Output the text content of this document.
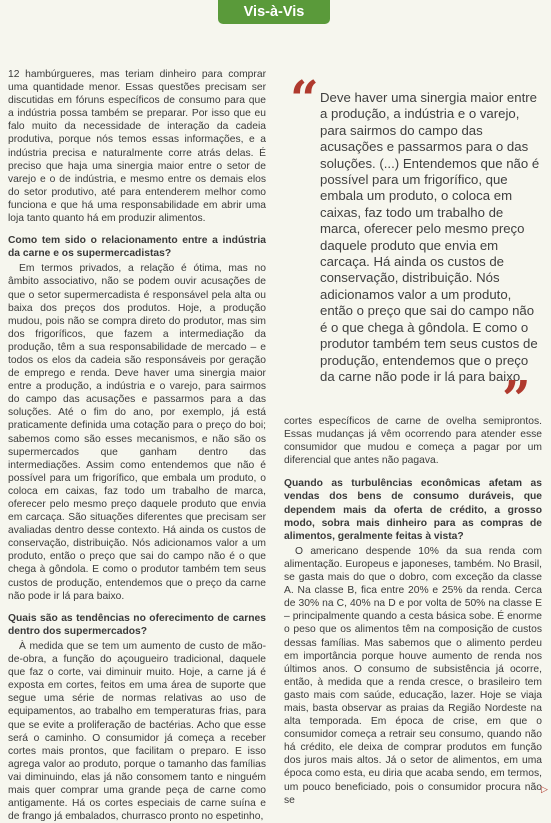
Vis-à-Vis

12 hambúrgueres, mas teriam dinheiro para comprar uma quantidade menor. Essas questões precisam ser discutidas em fóruns específicos de consumo para que a indústria possa também se preparar. Por isso que eu falo muito da necessidade de interação da cadeia produtiva, porque nós temos essas informações, e a indústria precisa e naturalmente corre atrás delas. É preciso que haja uma sinergia maior entre o setor de varejo e o de indústria, e mesmo entre os demais elos do setor produtivo, até para entenderem melhor como funciona e que há uma responsabilidade em abrir uma loja tanto quanto há em produzir alimentos.

Como tem sido o relacionamento entre a indústria da carne e os supermercadistas?

Em termos privados, a relação é ótima, mas no âmbito associativo, não se podem ouvir acusações de que o setor supermercadista é responsável pela alta ou baixa dos preços dos produtos. Hoje, a produção mudou, pois não se compra direto do produtor, mas sim dos frigoríficos, que fazem a intermediação da produção, têm a sua responsabilidade de mercado – e todos os elos da cadeia são responsáveis por geração de emprego e renda. Deve haver uma sinergia maior entre a produção, a indústria e o varejo, para sairmos do campo das acusações e passarmos para a das soluções. Até o fim do ano, por exemplo, já está praticamente definida uma cotação para o preço do boi; sabemos como são esses mecanismos, e não são os supermercados que ganham dentro das intermediações. Assim como entendemos que não é possível para um frigorífico, que embala um produto, o coloca em caixas, faz todo um trabalho de marca, oferecer pelo mesmo preço daquele produto que envia em carcaça. São situações diferentes que precisam ser avaliadas dentro desse contexto. Há ainda os custos de conservação, distribuição. Nós adicionamos valor a um produto, então o preço que sai do campo não é o que chega à gôndola. E como o produtor também tem seus custos de produção, entendemos que o preço da carne não pode ir lá para baixo.

Quais são as tendências no oferecimento de carnes dentro dos supermercados?

À medida que se tem um aumento de custo de mão-de-obra, a função do açougueiro tradicional, daquele que faz o corte, vai diminuir muito. Hoje, a carne já é exposta em cortes, feitos em uma área de suporte que segue uma série de normas relativas ao uso de equipamentos, ao trabalho em temperaturas frias, para que se evite a proliferação de bactérias. Acho que esse será o caminho. O consumidor já começa a receber cortes mais prontos, que facilitam o preparo. E isso agrega valor ao produto, porque o tamanho das famílias vai diminuindo, elas já não consomem tanto e ninguém mais quer comprar uma grande peça de carne como antigamente. Há os cortes especiais de carne suína e de frango já embalados, churrasco pronto no espetinho,

“ Deve haver uma sinergia maior entre a produção, a indústria e o varejo, para sairmos do campo das acusações e passarmos para o das soluções. (...) Entendemos que não é possível para um frigorífico, que embala um produto, o coloca em caixas, faz todo um trabalho de marca, oferecer pelo mesmo preço daquele produto que envia em carcaça. Há ainda os custos de conservação, distribuição. Nós adicionamos valor a um produto, então o preço que sai do campo não é o que chega à gôndola. E como o produtor também tem seus custos de produção, entendemos que o preço da carne não pode ir lá para baixo
”

cortes específicos de carne de ovelha semiprontos. Essas mudanças já vêm ocorrendo para atender esse consumidor que mudou e começa a pagar por um diferencial que antes não pagava.

Quando as turbulências econômicas afetam as vendas dos bens de consumo duráveis, que dependem mais da oferta de crédito, a grosso modo, sobra mais dinheiro para as compras de alimentos, geralmente feitas à vista?

O americano despende 10% da sua renda com alimentação. Europeus e japoneses, também. No Brasil, se gasta mais do que o dobro, com exceção da classe A. Na classe B, fica entre 20% e 25% da renda. Cerca de 30% na C, 40% na D e por volta de 50% na classe E – principalmente quando a cesta básica sobe. É enorme o peso que os alimentos têm na composição de custos dessas famílias. Mas sabemos que o alimento perdeu em importância porque houve aumento de renda nos últimos anos. O consumo de subsistência já ocorre, então, à medida que a renda cresce, o brasileiro tem gasto mais com saúde, educação, lazer. Hoje se viaja mais, basta observar as praias da Região Nordeste na alta temporada. Em época de crise, em que o consumidor começa a retrair seu consumo, quando não há crédito, ele deixa de comprar produtos em função dos juros mais altos. Já o setor de alimentos, em uma época como esta, eu diria que acaba sendo, em termos, um pouco beneficiado, pois o consumidor procura não se

▷
